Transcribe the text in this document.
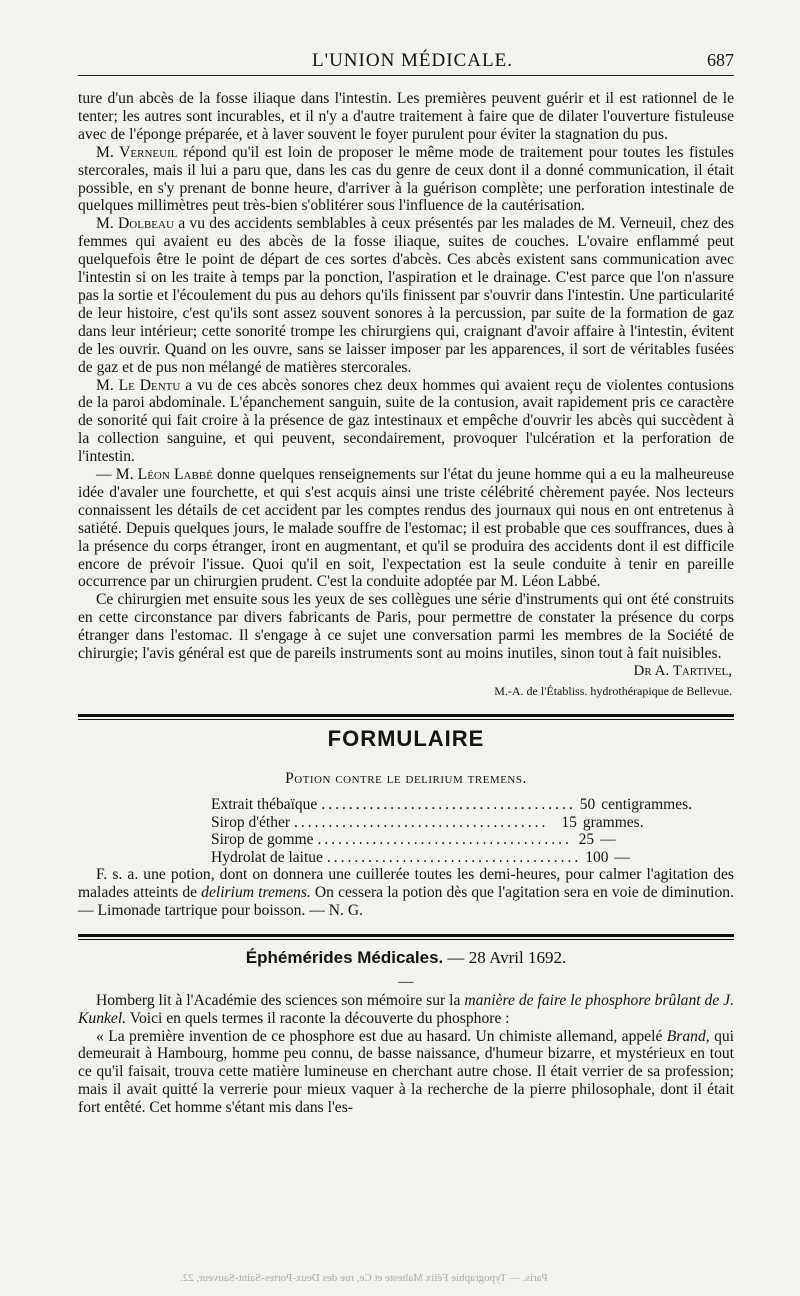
L'UNION MÉDICALE.	687

ture d'un abcès de la fosse iliaque dans l'intestin. Les premières peuvent guérir et il est rationnel de le tenter; les autres sont incurables, et il n'y a d'autre traitement à faire que de dilater l'ouverture fistuleuse avec de l'éponge préparée, et à laver souvent le foyer purulent pour éviter la stagnation du pus.

M. Verneuil répond qu'il est loin de proposer le même mode de traitement pour toutes les fistules stercorales, mais il lui a paru que, dans les cas du genre de ceux dont il a donné communication, il était possible, en s'y prenant de bonne heure, d'arriver à la guérison complète; une perforation intestinale de quelques millimètres peut très-bien s'oblitérer sous l'influence de la cautérisation.

M. Dolbeau a vu des accidents semblables à ceux présentés par les malades de M. Verneuil, chez des femmes qui avaient eu des abcès de la fosse iliaque, suites de couches. L'ovaire enflammé peut quelquefois être le point de départ de ces sortes d'abcès. Ces abcès existent sans communication avec l'intestin si on les traite à temps par la ponction, l'aspiration et le drainage. C'est parce que l'on n'assure pas la sortie et l'écoulement du pus au dehors qu'ils finissent par s'ouvrir dans l'intestin. Une particularité de leur histoire, c'est qu'ils sont assez souvent sonores à la percussion, par suite de la formation de gaz dans leur intérieur; cette sonorité trompe les chirurgiens qui, craignant d'avoir affaire à l'intestin, évitent de les ouvrir. Quand on les ouvre, sans se laisser imposer par les apparences, il sort de véritables fusées de gaz et de pus non mélangé de matières stercorales.

M. Le Dentu a vu de ces abcès sonores chez deux hommes qui avaient reçu de violentes contusions de la paroi abdominale. L'épanchement sanguin, suite de la contusion, avait rapidement pris ce caractère de sonorité qui fait croire à la présence de gaz intestinaux et empêche d'ouvrir les abcès qui succèdent à la collection sanguine, et qui peuvent, secondairement, provoquer l'ulcération et la perforation de l'intestin.

— M. Léon Labbé donne quelques renseignements sur l'état du jeune homme qui a eu la malheureuse idée d'avaler une fourchette, et qui s'est acquis ainsi une triste célébrité chèrement payée. Nos lecteurs connaissent les détails de cet accident par les comptes rendus des journaux qui nous en ont entretenus à satiété. Depuis quelques jours, le malade souffre de l'estomac; il est probable que ces souffrances, dues à la présence du corps étranger, iront en augmentant, et qu'il se produira des accidents dont il est difficile encore de prévoir l'issue. Quoi qu'il en soit, l'expectation est la seule conduite à tenir en pareille occurrence par un chirurgien prudent. C'est la conduite adoptée par M. Léon Labbé.

Ce chirurgien met ensuite sous les yeux de ses collègues une série d'instruments qui ont été construits en cette circonstance par divers fabricants de Paris, pour permettre de constater la présence du corps étranger dans l'estomac. Il s'engage à ce sujet une conversation parmi les membres de la Société de chirurgie; l'avis général est que de pareils instruments sont au moins inutiles, sinon tout à fait nuisibles.

Dr A. Tartivel,
M.-A. de l'Établiss. hydrothérapique de Bellevue.
FORMULAIRE
Potion contre le delirium tremens.
Extrait thébaïque ..................................... 50 centigrammes.
Sirop d'éther ..................................... 15 grammes.
Sirop de gomme ..................................... 25 —
Hydrolat de laitue ..................................... 100 —

F. s. a. une potion, dont on donnera une cuillerée toutes les demi-heures, pour calmer l'agitation des malades atteints de delirium tremens. On cessera la potion dès que l'agitation sera en voie de diminution. — Limonade tartrique pour boisson. — N. G.

Éphémérides Médicales. — 28 Avril 1692.
—

Homberg lit à l'Académie des sciences son mémoire sur la manière de faire le phosphore brûlant de J. Kunkel. Voici en quels termes il raconte la découverte du phosphore :

« La première invention de ce phosphore est due au hasard. Un chimiste allemand, appelé Brand, qui demeurait à Hambourg, homme peu connu, de basse naissance, d'humeur bizarre, et mystérieux en tout ce qu'il faisait, trouva cette matière lumineuse en cherchant autre chose. Il était verrier de sa profession; mais il avait quitté la verrerie pour mieux vaquer à la recherche de la pierre philosophale, dont il était fort entêté. Cet homme s'étant mis dans l'es-

Paris. — Typographie Félix Malteste et Ce, rue des Deux-Portes-Saint-Sauveur, 22.
